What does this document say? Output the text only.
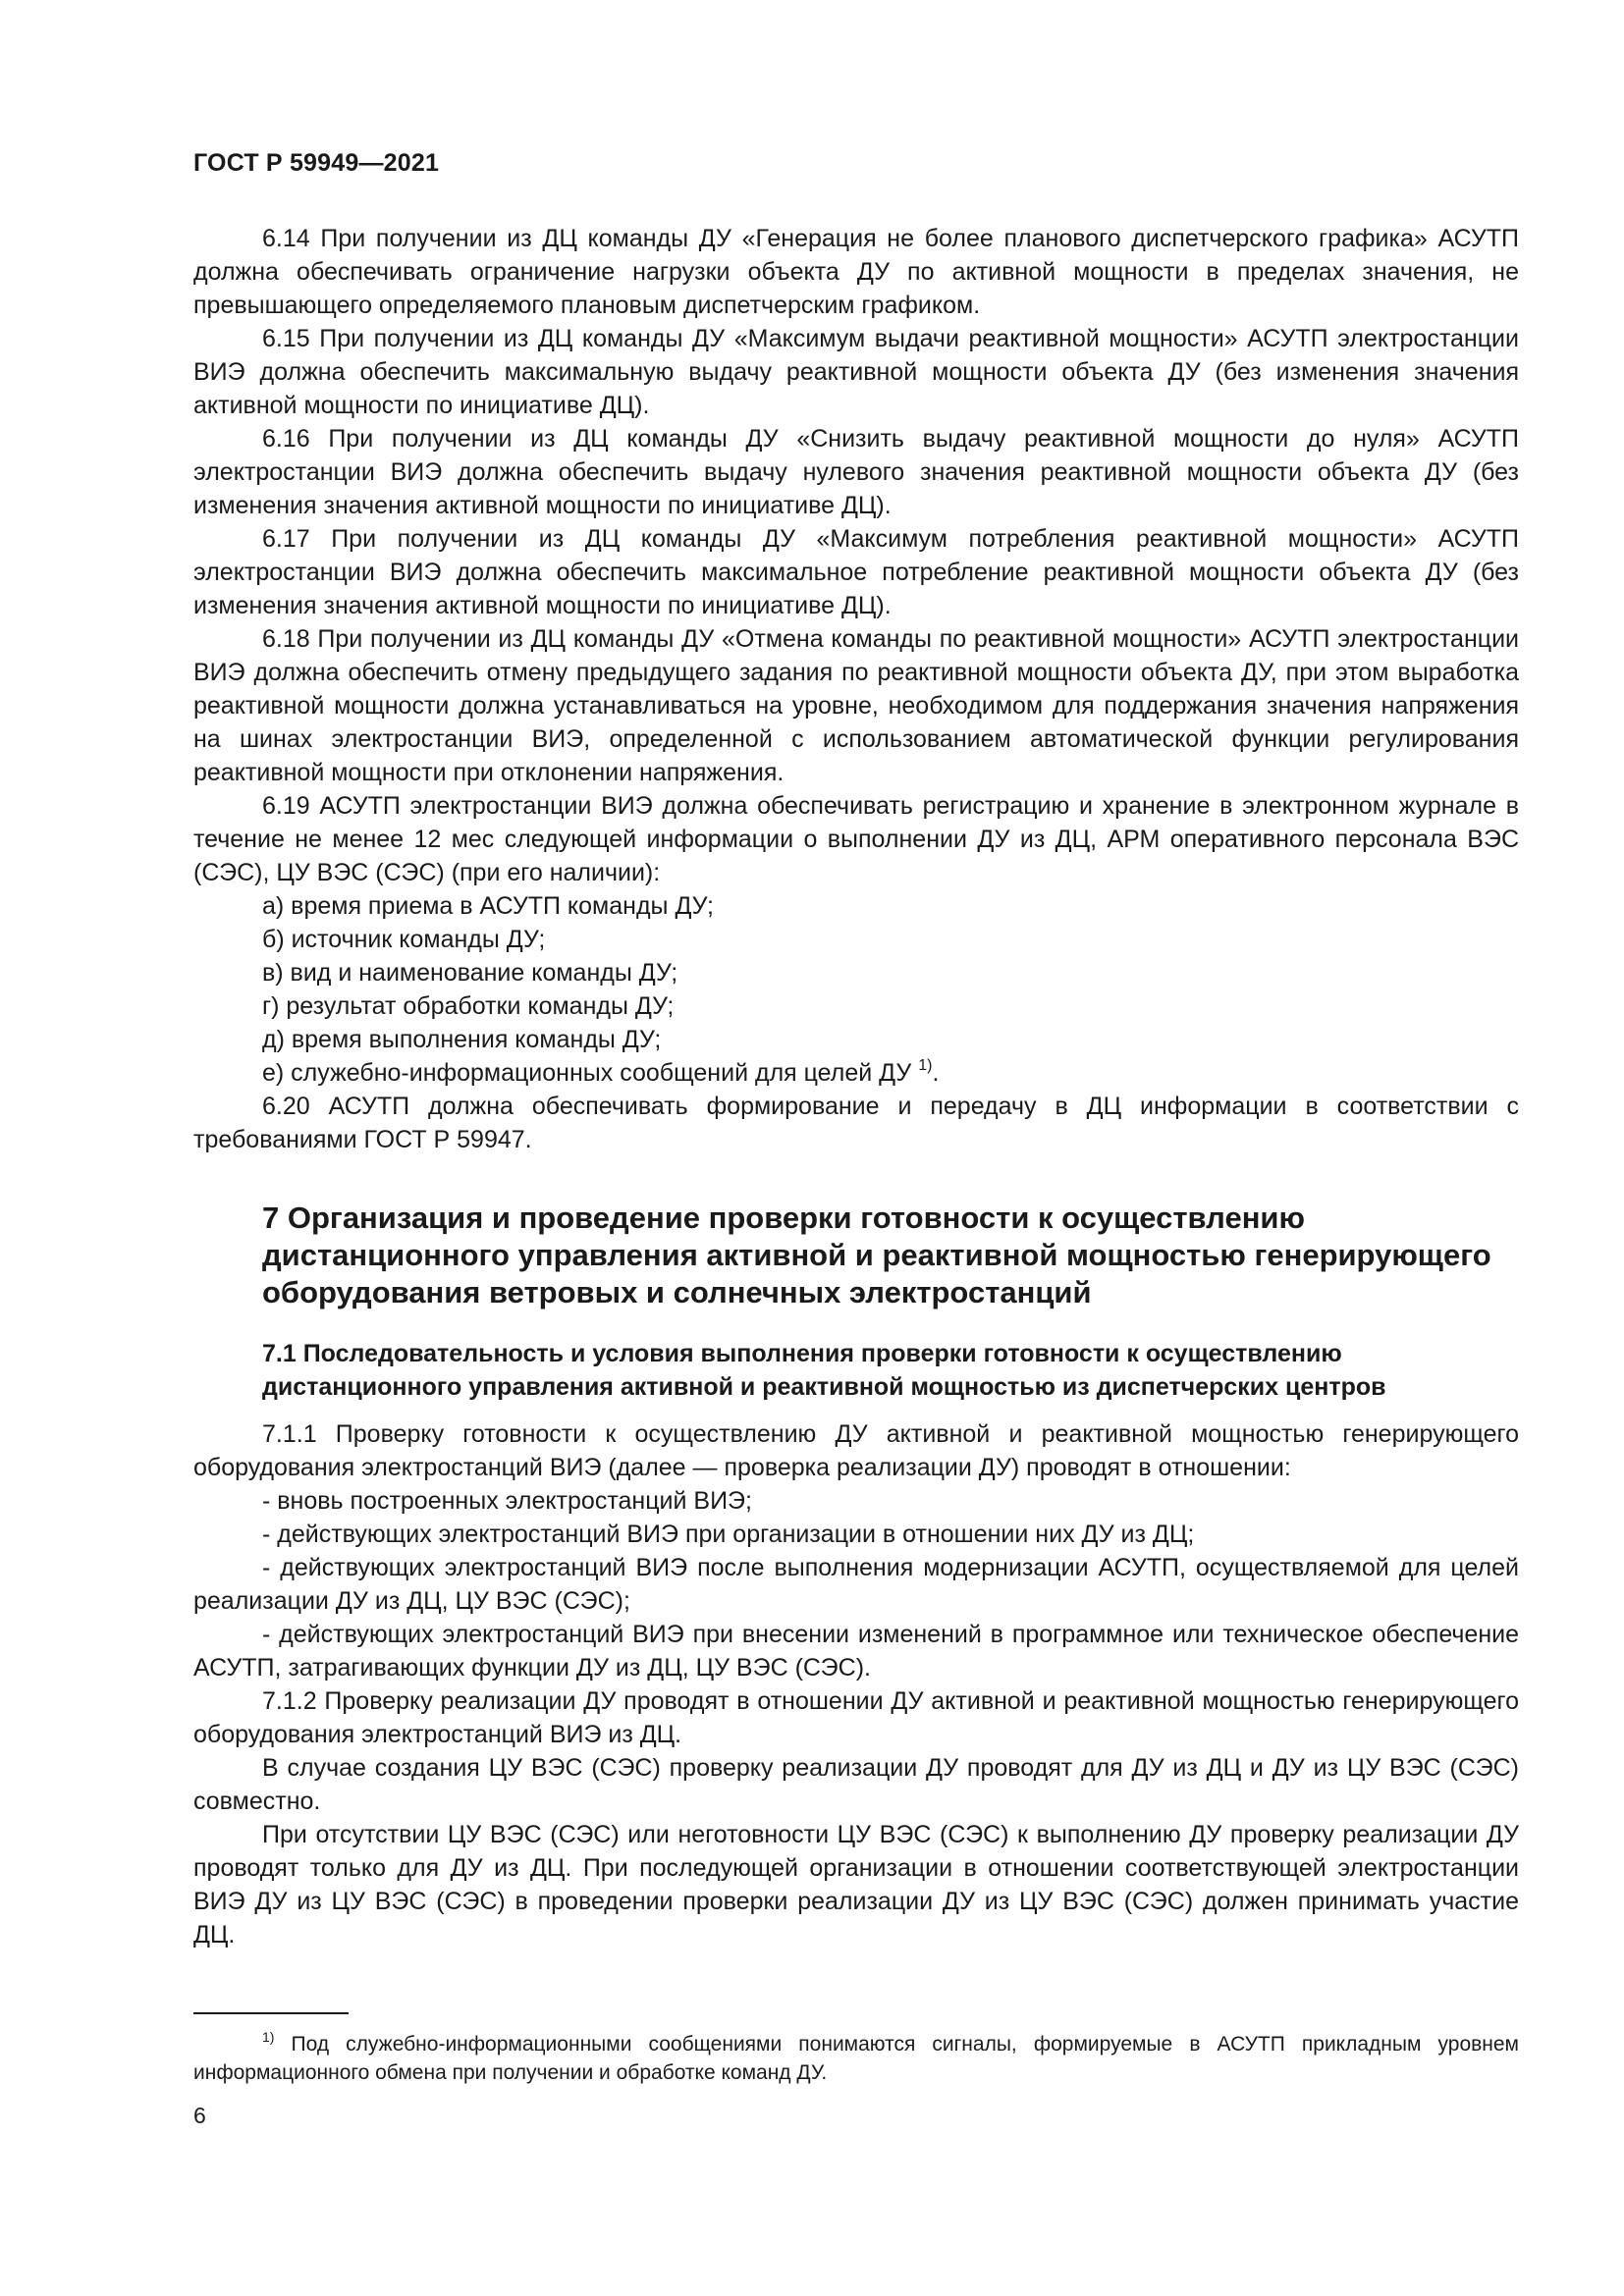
ГОСТ Р 59949—2021

6.14 При получении из ДЦ команды ДУ «Генерация не более планового диспетчерского графика» АСУТП должна обеспечивать ограничение нагрузки объекта ДУ по активной мощности в пределах значения, не превышающего определяемого плановым диспетчерским графиком.

6.15 При получении из ДЦ команды ДУ «Максимум выдачи реактивной мощности» АСУТП электростанции ВИЭ должна обеспечить максимальную выдачу реактивной мощности объекта ДУ (без изменения значения активной мощности по инициативе ДЦ).

6.16 При получении из ДЦ команды ДУ «Снизить выдачу реактивной мощности до нуля» АСУТП электростанции ВИЭ должна обеспечить выдачу нулевого значения реактивной мощности объекта ДУ (без изменения значения активной мощности по инициативе ДЦ).

6.17 При получении из ДЦ команды ДУ «Максимум потребления реактивной мощности» АСУТП электростанции ВИЭ должна обеспечить максимальное потребление реактивной мощности объекта ДУ (без изменения значения активной мощности по инициативе ДЦ).

6.18 При получении из ДЦ команды ДУ «Отмена команды по реактивной мощности» АСУТП электростанции ВИЭ должна обеспечить отмену предыдущего задания по реактивной мощности объекта ДУ, при этом выработка реактивной мощности должна устанавливаться на уровне, необходимом для поддержания значения напряжения на шинах электростанции ВИЭ, определенной с использованием автоматической функции регулирования реактивной мощности при отклонении напряжения.

6.19 АСУТП электростанции ВИЭ должна обеспечивать регистрацию и хранение в электронном журнале в течение не менее 12 мес следующей информации о выполнении ДУ из ДЦ, АРМ оперативного персонала ВЭС (СЭС), ЦУ ВЭС (СЭС) (при его наличии):

а) время приема в АСУТП команды ДУ;

б) источник команды ДУ;

в) вид и наименование команды ДУ;

г) результат обработки команды ДУ;

д) время выполнения команды ДУ;

е) служебно-информационных сообщений для целей ДУ $^{1)}$.

6.20 АСУТП должна обеспечивать формирование и передачу в ДЦ информации в соответствии с требованиями ГОСТ Р 59947.

7 Организация и проведение проверки готовности к осуществлению дистанционного управления активной и реактивной мощностью генерирующего оборудования ветровых и солнечных электростанций
7.1 Последовательность и условия выполнения проверки готовности к осуществлению дистанционного управления активной и реактивной мощностью из диспетчерских центров

7.1.1 Проверку готовности к осуществлению ДУ активной и реактивной мощностью генерирующего оборудования электростанций ВИЭ (далее — проверка реализации ДУ) проводят в отношении:

- вновь построенных электростанций ВИЭ;

- действующих электростанций ВИЭ при организации в отношении них ДУ из ДЦ;

- действующих электростанций ВИЭ после выполнения модернизации АСУТП, осуществляемой для целей реализации ДУ из ДЦ, ЦУ ВЭС (СЭС);

- действующих электростанций ВИЭ при внесении изменений в программное или техническое обеспечение АСУТП, затрагивающих функции ДУ из ДЦ, ЦУ ВЭС (СЭС).

7.1.2 Проверку реализации ДУ проводят в отношении ДУ активной и реактивной мощностью генерирующего оборудования электростанций ВИЭ из ДЦ.

В случае создания ЦУ ВЭС (СЭС) проверку реализации ДУ проводят для ДУ из ДЦ и ДУ из ЦУ ВЭС (СЭС) совместно.

При отсутствии ЦУ ВЭС (СЭС) или неготовности ЦУ ВЭС (СЭС) к выполнению ДУ проверку реализации ДУ проводят только для ДУ из ДЦ. При последующей организации в отношении соответствующей электростанции ВИЭ ДУ из ЦУ ВЭС (СЭС) в проведении проверки реализации ДУ из ЦУ ВЭС (СЭС) должен принимать участие ДЦ.

$^{1)}$ Под служебно-информационными сообщениями понимаются сигналы, формируемые в АСУТП прикладным уровнем информационного обмена при получении и обработке команд ДУ.
6
